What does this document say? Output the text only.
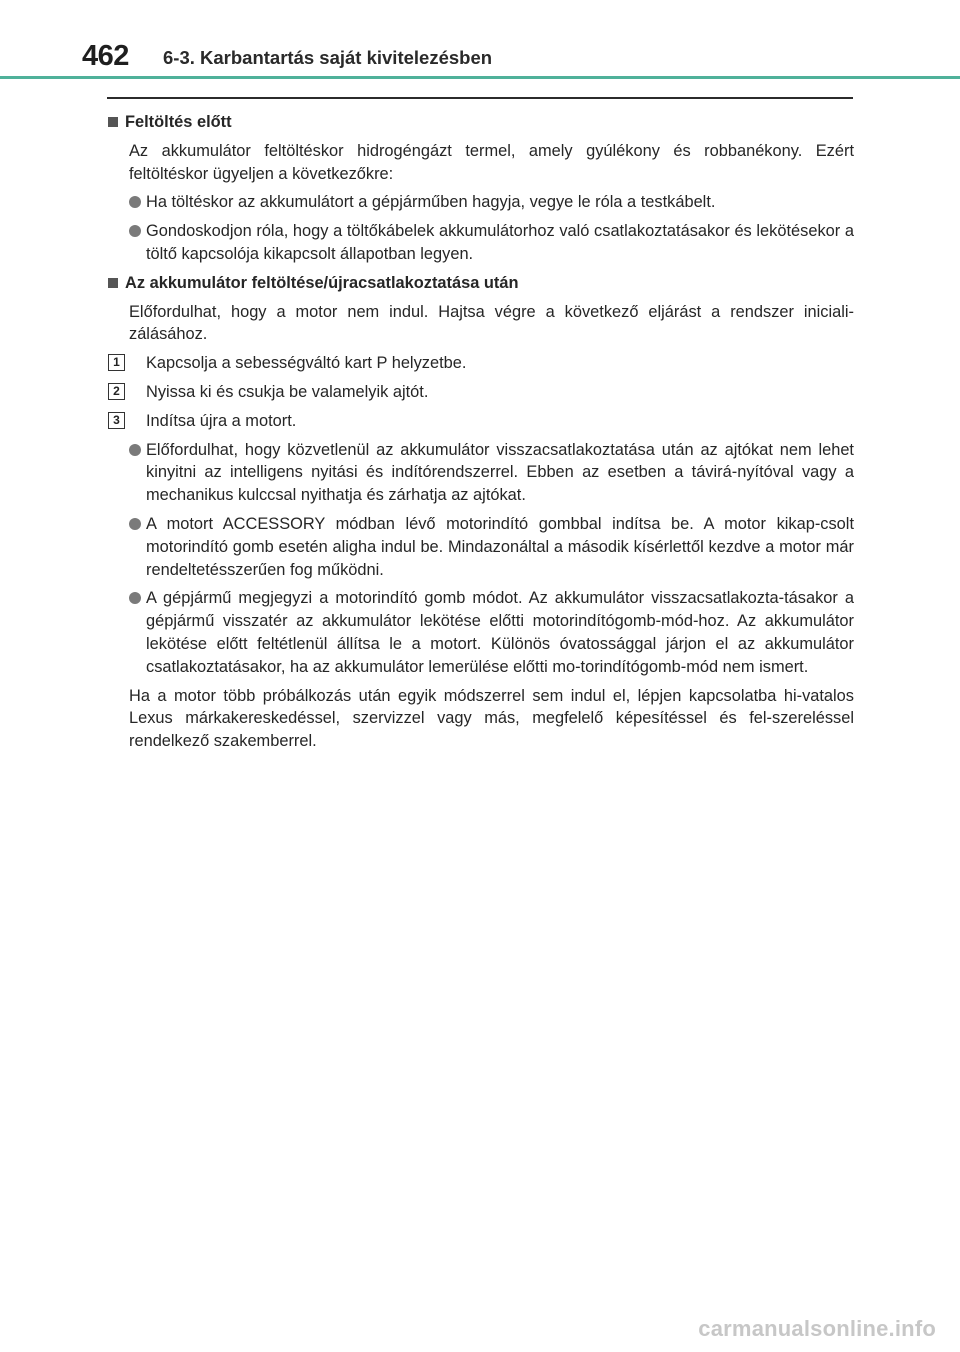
462 6-3. Karbantartás saját kivitelezésben
Feltöltés előtt
Az akkumulátor feltöltéskor hidrogéngázt termel, amely gyúlékony és robbanékony. Ezért feltöltéskor ügyeljen a következőkre:
Ha töltéskor az akkumulátort a gépjárműben hagyja, vegye le róla a testkábelt.
Gondoskodjon róla, hogy a töltőkábelek akkumulátorhoz való csatlakoztatásakor és lekötésekor a töltő kapcsolója kikapcsolt állapotban legyen.
Az akkumulátor feltöltése/újracsatlakoztatása után
Előfordulhat, hogy a motor nem indul. Hajtsa végre a következő eljárást a rendszer iniciali-zálásához.
1	Kapcsolja a sebességváltó kart P helyzetbe.
2	Nyissa ki és csukja be valamelyik ajtót.
3	Indítsa újra a motort.
Előfordulhat, hogy közvetlenül az akkumulátor visszacsatlakoztatása után az ajtókat nem lehet kinyitni az intelligens nyitási és indítórendszerrel. Ebben az esetben a távirá-nyítóval vagy a mechanikus kulccsal nyithatja és zárhatja az ajtókat.
A motort ACCESSORY módban lévő motorindító gombbal indítsa be. A motor kikap-csolt motorindító gomb esetén aligha indul be. Mindazonáltal a második kísérlettől kezdve a motor már rendeltetésszerűen fog működni.
A gépjármű megjegyzi a motorindító gomb módot. Az akkumulátor visszacsatlakozta-tásakor a gépjármű visszatér az akkumulátor lekötése előtti motorindítógomb-mód-hoz. Az akkumulátor lekötése előtt feltétlenül állítsa le a motort. Különös óvatossággal járjon el az akkumulátor csatlakoztatásakor, ha az akkumulátor lemerülése előtti mo-torindítógomb-mód nem ismert.
Ha a motor több próbálkozás után egyik módszerrel sem indul el, lépjen kapcsolatba hi-vatalos Lexus márkakereskedéssel, szervizzel vagy más, megfelelő képesítéssel és fel-szereléssel rendelkező szakemberrel.
carmanualsonline.info
